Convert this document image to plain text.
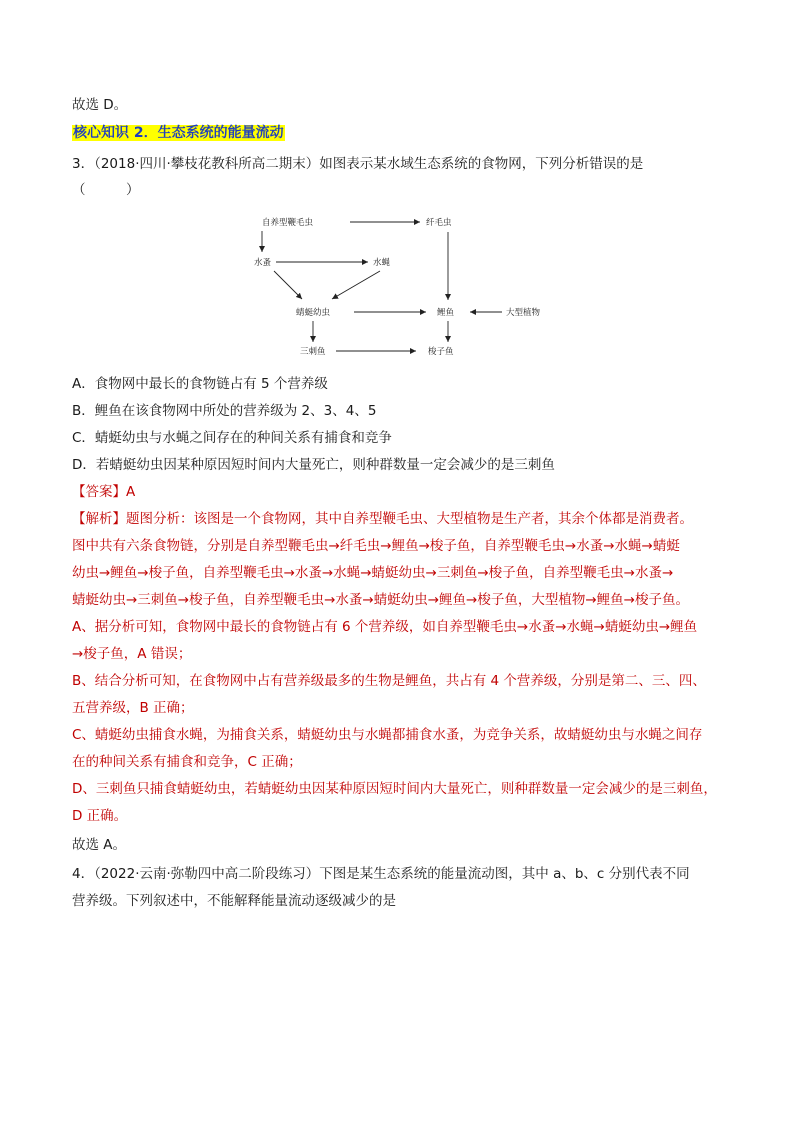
故选 D。
核心知识 2．生态系统的能量流动
3．（2018·四川·攀枝花教科所高二期末）如图表示某水域生态系统的食物网，下列分析错误的是
（　　　）
自养型鞭毛虫	纤毛虫
水蚤	水蝇
蜻蜓幼虫	鲤鱼	大型植物
三刺鱼	梭子鱼
A．食物网中最长的食物链占有 5 个营养级
B．鲤鱼在该食物网中所处的营养级为 2、3、4、5
C．蜻蜓幼虫与水蝇之间存在的种间关系有捕食和竞争
D．若蜻蜓幼虫因某种原因短时间内大量死亡，则种群数量一定会减少的是三刺鱼
【答案】A
【解析】题图分析：该图是一个食物网，其中自养型鞭毛虫、大型植物是生产者，其余个体都是消费者。
图中共有六条食物链，分别是自养型鞭毛虫→纤毛虫→鲤鱼→梭子鱼，自养型鞭毛虫→水蚤→水蝇→蜻蜓
幼虫→鲤鱼→梭子鱼，自养型鞭毛虫→水蚤→水蝇→蜻蜓幼虫→三刺鱼→梭子鱼，自养型鞭毛虫→水蚤→
蜻蜓幼虫→三刺鱼→梭子鱼，自养型鞭毛虫→水蚤→蜻蜓幼虫→鲤鱼→梭子鱼，大型植物→鲤鱼→梭子鱼。
A、据分析可知，食物网中最长的食物链占有 6 个营养级，如自养型鞭毛虫→水蚤→水蝇→蜻蜓幼虫→鲤鱼
→梭子鱼，A 错误；
B、结合分析可知，在食物网中占有营养级最多的生物是鲤鱼，共占有 4 个营养级，分别是第二、三、四、
五营养级，B 正确；
C、蜻蜓幼虫捕食水蝇，为捕食关系，蜻蜓幼虫与水蝇都捕食水蚤，为竞争关系，故蜻蜓幼虫与水蝇之间存
在的种间关系有捕食和竞争，C 正确；
D、三刺鱼只捕食蜻蜓幼虫，若蜻蜓幼虫因某种原因短时间内大量死亡，则种群数量一定会减少的是三刺鱼，
D 正确。
故选 A。
4．（2022·云南·弥勒四中高二阶段练习）下图是某生态系统的能量流动图，其中 a、b、c 分别代表不同
营养级。下列叙述中，不能解释能量流动逐级减少的是
